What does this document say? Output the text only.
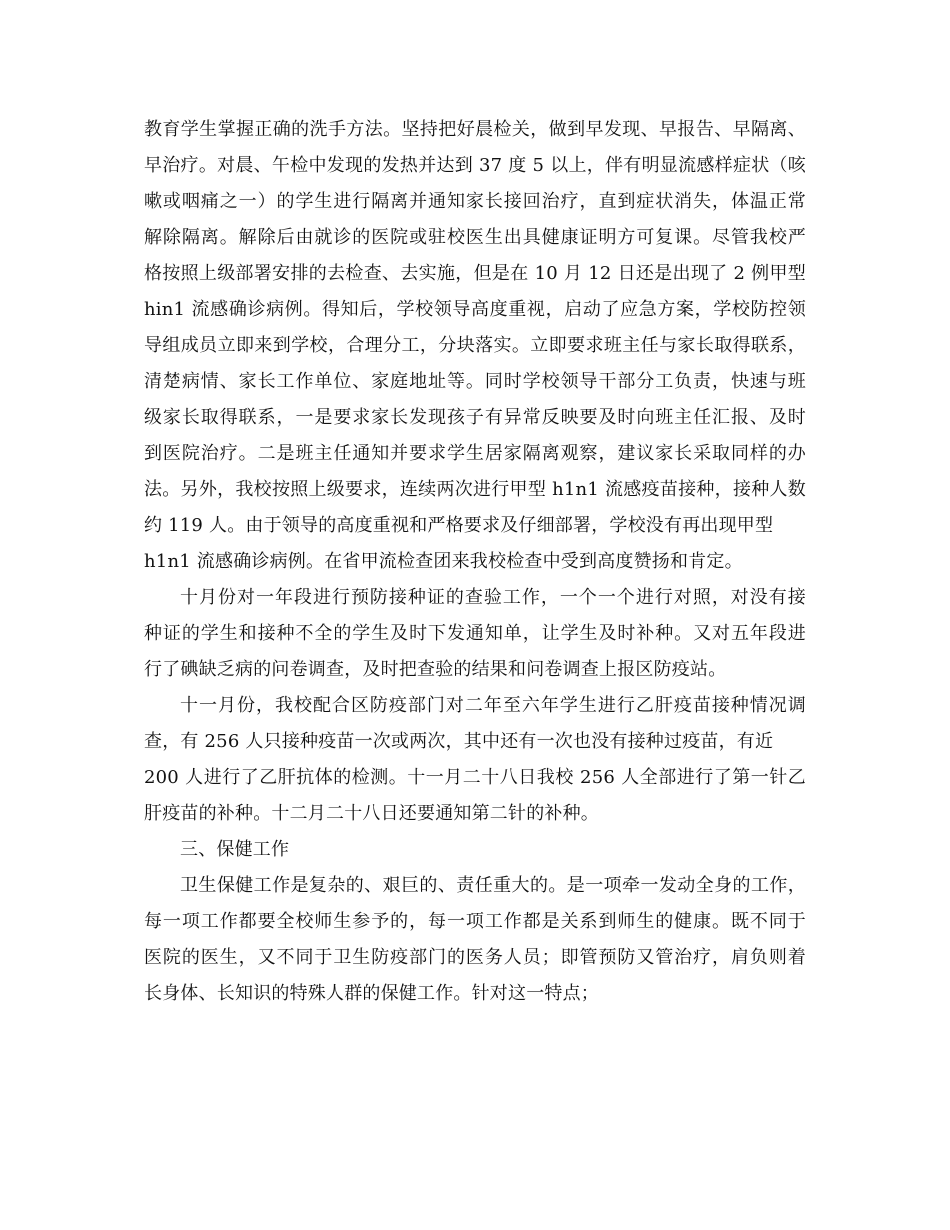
教育学生掌握正确的洗手方法。坚持把好晨检关，做到早发现、早报告、早隔离、
早治疗。对晨、午检中发现的发热并达到 37 度 5 以上，伴有明显流感样症状（咳
嗽或咽痛之一）的学生进行隔离并通知家长接回治疗，直到症状消失，体温正常
解除隔离。解除后由就诊的医院或驻校医生出具健康证明方可复课。尽管我校严
格按照上级部署安排的去检查、去实施，但是在 10 月 12 日还是出现了 2 例甲型
hin1 流感确诊病例。得知后，学校领导高度重视，启动了应急方案，学校防控领
导组成员立即来到学校，合理分工，分块落实。立即要求班主任与家长取得联系，
清楚病情、家长工作单位、家庭地址等。同时学校领导干部分工负责，快速与班
级家长取得联系，一是要求家长发现孩子有异常反映要及时向班主任汇报、及时
到医院治疗。二是班主任通知并要求学生居家隔离观察，建议家长采取同样的办
法。另外，我校按照上级要求，连续两次进行甲型 h1n1 流感疫苗接种，接种人数
约 119 人。由于领导的高度重视和严格要求及仔细部署，学校没有再出现甲型
h1n1 流感确诊病例。在省甲流检查团来我校检查中受到高度赞扬和肯定。
十月份对一年段进行预防接种证的查验工作，一个一个进行对照，对没有接
种证的学生和接种不全的学生及时下发通知单，让学生及时补种。又对五年段进
行了碘缺乏病的问卷调查，及时把查验的结果和问卷调查上报区防疫站。
十一月份，我校配合区防疫部门对二年至六年学生进行乙肝疫苗接种情况调
查，有 256 人只接种疫苗一次或两次，其中还有一次也没有接种过疫苗，有近
200 人进行了乙肝抗体的检测。十一月二十八日我校 256 人全部进行了第一针乙
肝疫苗的补种。十二月二十八日还要通知第二针的补种。
三、保健工作
卫生保健工作是复杂的、艰巨的、责任重大的。是一项牵一发动全身的工作，
每一项工作都要全校师生参予的，每一项工作都是关系到师生的健康。既不同于
医院的医生，又不同于卫生防疫部门的医务人员；即管预防又管治疗，肩负则着
长身体、长知识的特殊人群的保健工作。针对这一特点；
